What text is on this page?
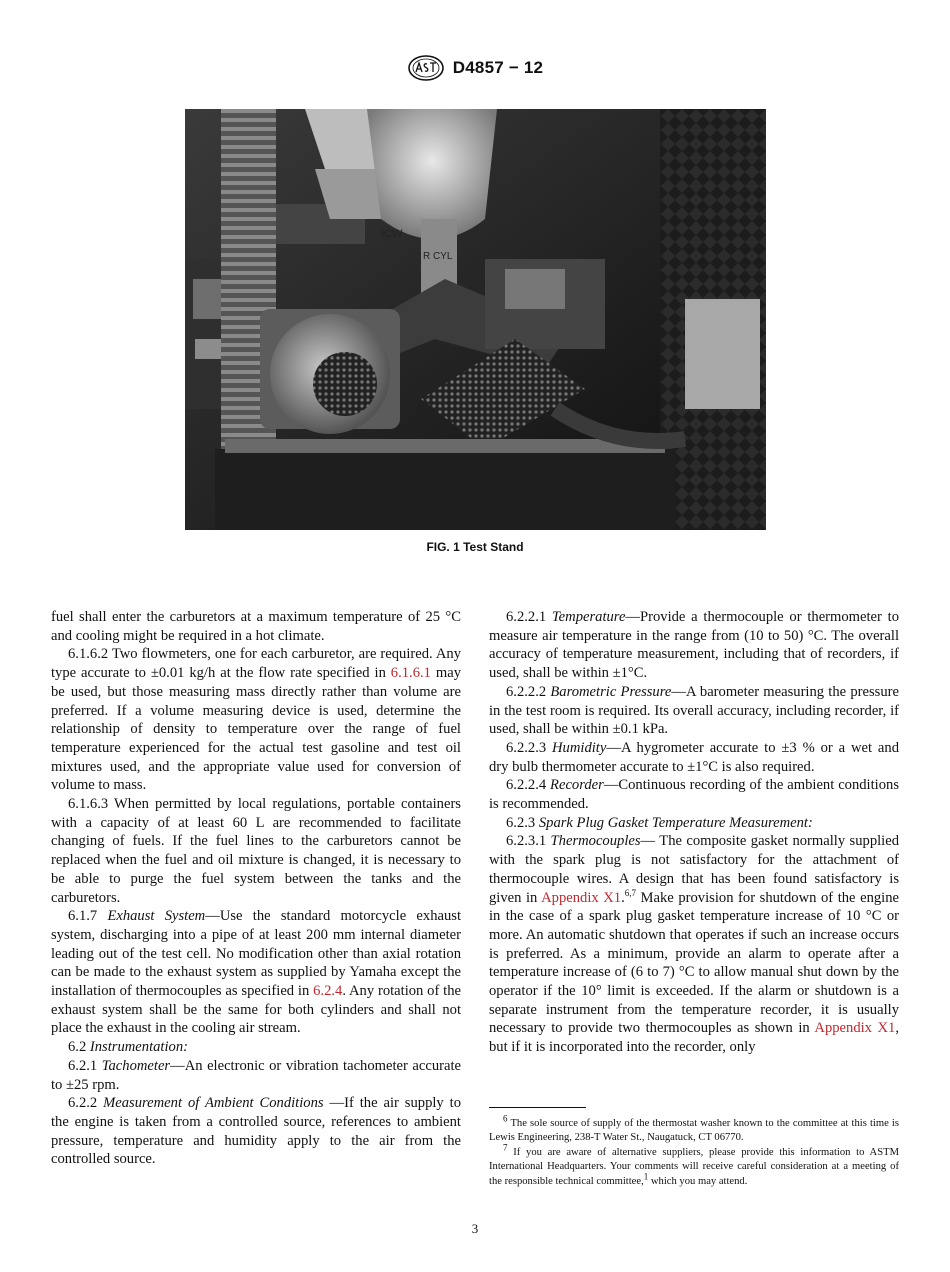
D4857 − 12
ICW
R CYL
FIG. 1 Test Stand

fuel shall enter the carburetors at a maximum temperature of 25 °C and cooling might be required in a hot climate.

6.1.6.2 Two flowmeters, one for each carburetor, are required. Any type accurate to ±0.01 kg/h at the flow rate specified in 6.1.6.1 may be used, but those measuring mass directly rather than volume are preferred. If a volume measuring device is used, determine the relationship of density to temperature over the range of fuel temperature experienced for the actual test gasoline and test oil mixtures used, and the appropriate value used for conversion of volume to mass.

6.1.6.3 When permitted by local regulations, portable containers with a capacity of at least 60 L are recommended to facilitate changing of fuels. If the fuel lines to the carburetors cannot be replaced when the fuel and oil mixture is changed, it is necessary to be able to purge the fuel system between the tanks and the carburetors.

6.1.7 Exhaust System—Use the standard motorcycle exhaust system, discharging into a pipe of at least 200 mm internal diameter leading out of the test cell. No modification other than axial rotation can be made to the exhaust system as supplied by Yamaha except the installation of thermocouples as specified in 6.2.4. Any rotation of the exhaust system shall be the same for both cylinders and shall not place the exhaust in the cooling air stream.

6.2 Instrumentation:

6.2.1 Tachometer—An electronic or vibration tachometer accurate to ±25 rpm.

6.2.2 Measurement of Ambient Conditions —If the air supply to the engine is taken from a controlled source, references to ambient pressure, temperature and humidity apply to the air from the controlled source.

6.2.2.1 Temperature—Provide a thermocouple or thermometer to measure air temperature in the range from (10 to 50) °C. The overall accuracy of temperature measurement, including that of recorders, if used, shall be within ±1°C.

6.2.2.2 Barometric Pressure—A barometer measuring the pressure in the test room is required. Its overall accuracy, including recorder, if used, shall be within ±0.1 kPa.

6.2.2.3 Humidity—A hygrometer accurate to ±3 % or a wet and dry bulb thermometer accurate to ±1°C is also required.

6.2.2.4 Recorder—Continuous recording of the ambient conditions is recommended.

6.2.3 Spark Plug Gasket Temperature Measurement:

6.2.3.1 Thermocouples— The composite gasket normally supplied with the spark plug is not satisfactory for the attachment of thermocouple wires. A design that has been found satisfactory is given in Appendix X1.$^{6,7}$ Make provision for shutdown of the engine in the case of a spark plug gasket temperature increase of 10 °C or more. An automatic shutdown that operates if such an increase occurs is preferred. As a minimum, provide an alarm to operate after a temperature increase of (6 to 7) °C to allow manual shut down by the operator if the 10° limit is exceeded. If the alarm or shutdown is a separate instrument from the temperature recorder, it is usually necessary to provide two thermocouples as shown in Appendix X1, but if it is incorporated into the recorder, only

$^6$ The sole source of supply of the thermostat washer known to the committee at this time is Lewis Engineering, 238-T Water St., Naugatuck, CT 06770.

$^7$ If you are aware of alternative suppliers, please provide this information to ASTM International Headquarters. Your comments will receive careful consideration at a meeting of the responsible technical committee,$^1$ which you may attend.

3
